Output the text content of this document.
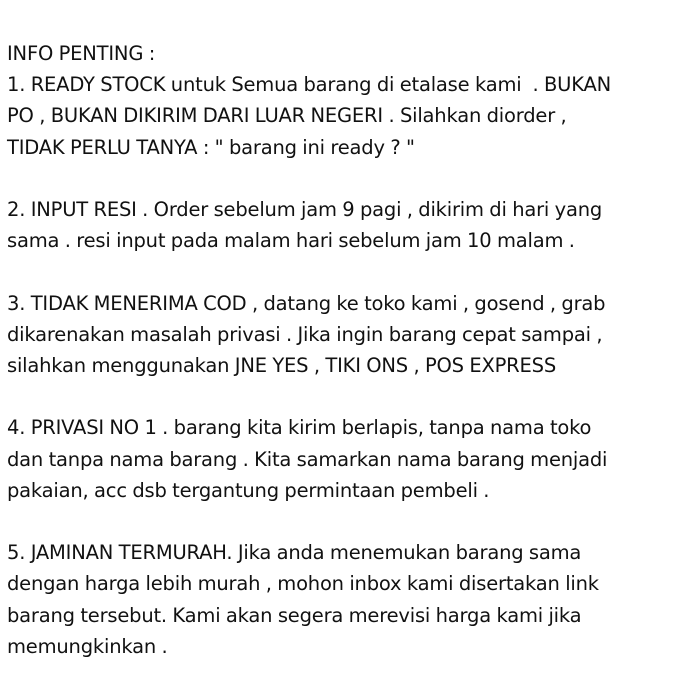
INFO PENTING :
1. READY STOCK untuk Semua barang di etalase kami  . BUKAN
PO , BUKAN DIKIRIM DARI LUAR NEGERI . Silahkan diorder ,
TIDAK PERLU TANYA : " barang ini ready ? "
2. INPUT RESI . Order sebelum jam 9 pagi , dikirim di hari yang
sama . resi input pada malam hari sebelum jam 10 malam .
3. TIDAK MENERIMA COD , datang ke toko kami , gosend , grab
dikarenakan masalah privasi . Jika ingin barang cepat sampai ,
silahkan menggunakan JNE YES , TIKI ONS , POS EXPRESS
4. PRIVASI NO 1 . barang kita kirim berlapis, tanpa nama toko
dan tanpa nama barang . Kita samarkan nama barang menjadi
pakaian, acc dsb tergantung permintaan pembeli .
5. JAMINAN TERMURAH. Jika anda menemukan barang sama
dengan harga lebih murah , mohon inbox kami disertakan link
barang tersebut. Kami akan segera merevisi harga kami jika
memungkinkan .
